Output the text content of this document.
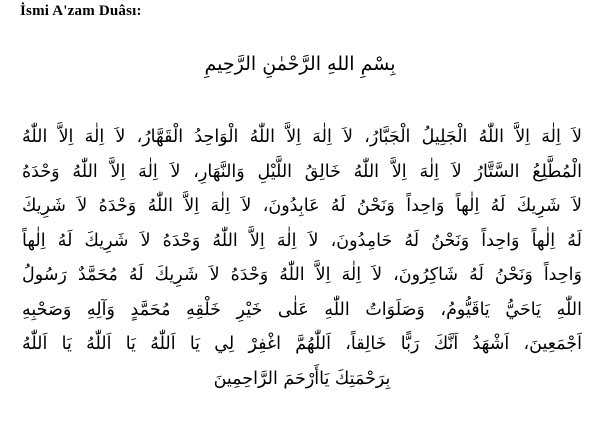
İsmi A'zam Duâsı:
بِسْمِ اللهِ الرَّحْمٰنِ الرَّحِيمِ
لاَ اِلٰهَ اِلاَّ اللّٰهُ الْجَلِيلُ الْجَبَّارُ، لاَ اِلٰهَ اِلاَّ اللّٰهُ الْوَاحِدُ الْقَهَّارُ، لاَ اِلٰهَ اِلاَّ اللّٰهُ
الْمُطَّلِعُ السَّتَّارُ لاَ اِلٰهَ اِلاَّ اللّٰهُ خَالِقُ اللَّيْلِ وَالنَّهَارِ، لاَ اِلٰهَ اِلاَّ اللّٰهُ وَحْدَهُ
لاَ شَرِيكَ لَهُ اِلٰهاً وَاحِداً وَنَحْنُ لَهُ عَابِدُونَ، لاَ اِلٰهَ اِلاَّ اللّٰهُ وَحْدَهُ لاَ شَرِيكَ
لَهُ اِلٰهاً وَاحِداً وَنَحْنُ لَهُ حَامِدُونَ، لاَ اِلٰهَ اِلاَّ اللّٰهُ وَحْدَهُ لاَ شَرِيكَ لَهُ اِلٰهاً
وَاحِداً وَنَحْنُ لَهُ شَاكِرُونَ، لاَ اِلٰهَ اِلاَّ اللّٰهُ وَحْدَهُ لاَ شَرِيكَ لَهُ مُحَمَّدٌ رَسُولُ
اللّٰهِ يَاحَيُّ يَاقَيُّومُ، وَصَلَوَاتُ اللّٰهِ عَلٰى خَيْرِ خَلْقِهِ مُحَمَّدٍ وَآلِهِ وَصَحْبِهِ
اَجْمَعِينَ، اَشْهَدُ اَنَّكَ رَبًّا خَالِقاً، اَللّٰهُمَّ اغْفِرْ لِي يَا اَللّٰهُ يَا اَللّٰهُ يَا اَللّٰهُ
بِرَحْمَتِكَ يَاأَرْحَمَ الرَّاحِمِينَ
